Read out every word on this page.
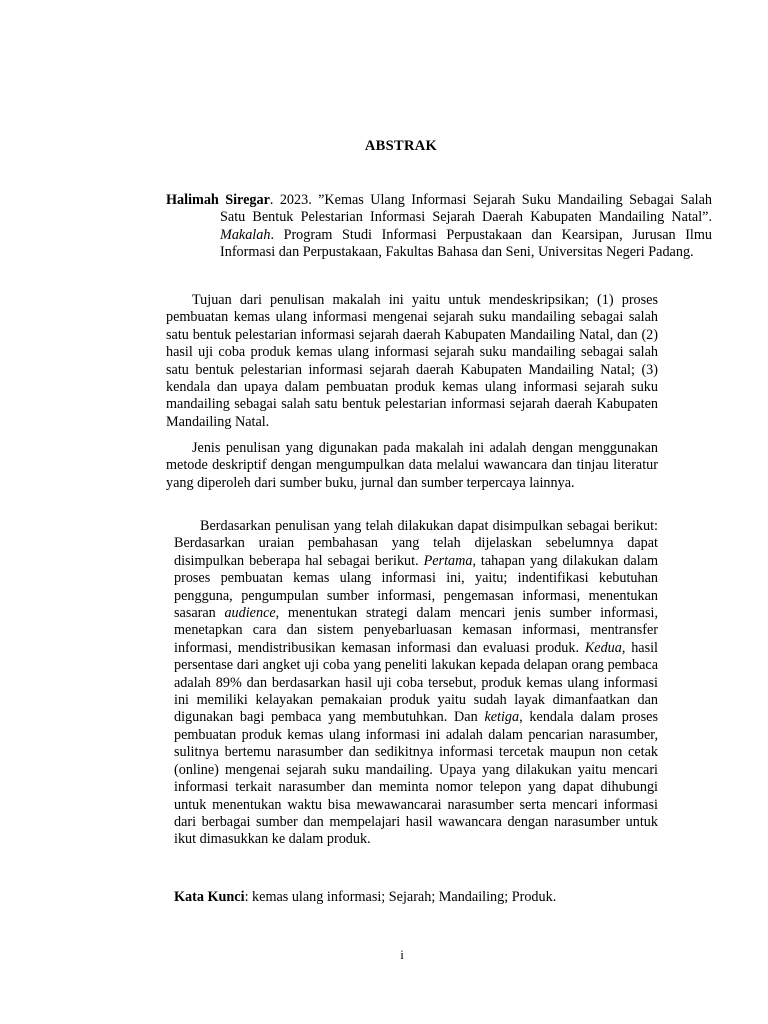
ABSTRAK
Halimah Siregar. 2023. ”Kemas Ulang Informasi Sejarah Suku Mandailing Sebagai Salah Satu Bentuk Pelestarian Informasi Sejarah Daerah Kabupaten Mandailing Natal”. Makalah. Program Studi Informasi Perpustakaan dan Kearsipan, Jurusan Ilmu Informasi dan Perpustakaan, Fakultas Bahasa dan Seni, Universitas Negeri Padang.
Tujuan dari penulisan makalah ini yaitu untuk mendeskripsikan; (1) proses pembuatan kemas ulang informasi mengenai sejarah suku mandailing sebagai salah satu bentuk pelestarian informasi sejarah daerah Kabupaten Mandailing Natal, dan (2) hasil uji coba produk kemas ulang informasi sejarah suku mandailing sebagai salah satu bentuk pelestarian informasi sejarah daerah Kabupaten Mandailing Natal; (3) kendala dan upaya dalam pembuatan produk kemas ulang informasi sejarah suku mandailing sebagai salah satu bentuk pelestarian informasi sejarah daerah Kabupaten Mandailing Natal.
Jenis penulisan yang digunakan pada makalah ini adalah dengan menggunakan metode deskriptif dengan mengumpulkan data melalui wawancara dan tinjau literatur yang diperoleh dari sumber buku, jurnal dan sumber terpercaya lainnya.
Berdasarkan penulisan yang telah dilakukan dapat disimpulkan sebagai berikut: Berdasarkan uraian pembahasan yang telah dijelaskan sebelumnya dapat disimpulkan beberapa hal sebagai berikut. Pertama, tahapan yang dilakukan dalam proses pembuatan kemas ulang informasi ini, yaitu; indentifikasi kebutuhan pengguna, pengumpulan sumber informasi, pengemasan informasi, menentukan sasaran audience, menentukan strategi dalam mencari jenis sumber informasi, menetapkan cara dan sistem penyebarluasan kemasan informasi, mentransfer informasi, mendistribusikan kemasan informasi dan evaluasi produk. Kedua, hasil persentase dari angket uji coba yang peneliti lakukan kepada delapan orang pembaca adalah 89% dan berdasarkan hasil uji coba tersebut, produk kemas ulang informasi ini memiliki kelayakan pemakaian produk yaitu sudah layak dimanfaatkan dan digunakan bagi pembaca yang membutuhkan. Dan ketiga, kendala dalam proses pembuatan produk kemas ulang informasi ini adalah dalam pencarian narasumber, sulitnya bertemu narasumber dan sedikitnya informasi tercetak maupun non cetak (online) mengenai sejarah suku mandailing. Upaya yang dilakukan yaitu mencari informasi terkait narasumber dan meminta nomor telepon yang dapat dihubungi untuk menentukan waktu bisa mewawancarai narasumber serta mencari informasi dari berbagai sumber dan mempelajari hasil wawancara dengan narasumber untuk ikut dimasukkan ke dalam produk.
Kata Kunci: kemas ulang informasi; Sejarah; Mandailing; Produk.
i
